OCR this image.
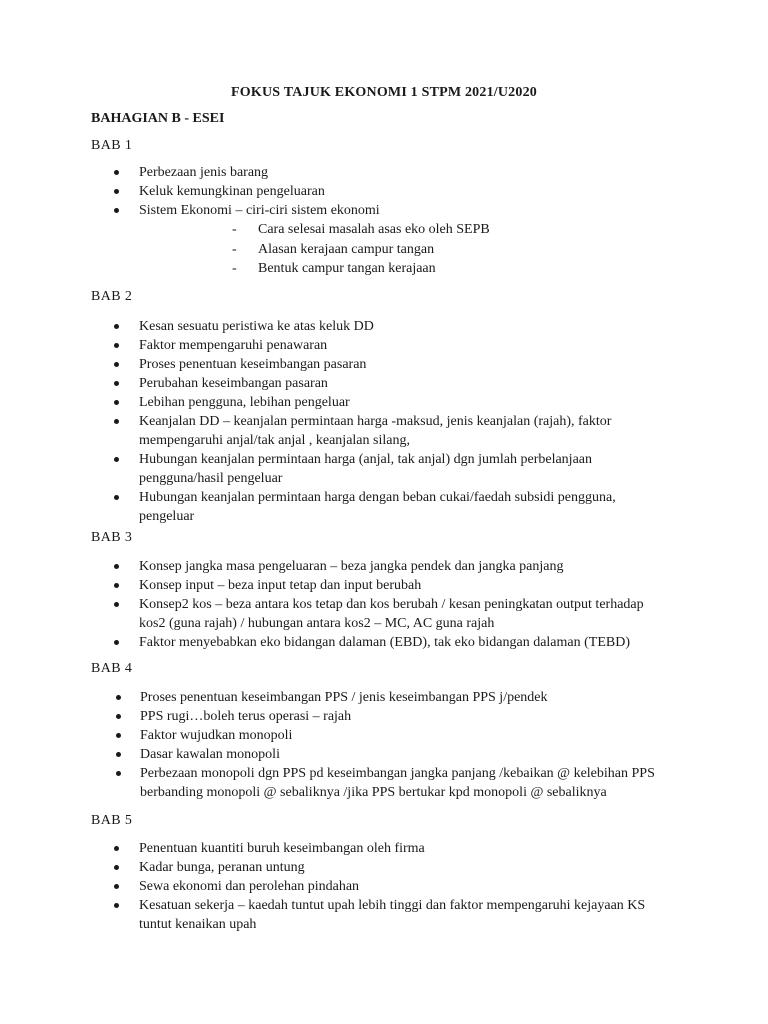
FOKUS TAJUK EKONOMI 1 STPM 2021/U2020
BAHAGIAN B - ESEI
BAB 1
Perbezaan jenis barang
Keluk kemungkinan pengeluaran
Sistem Ekonomi – ciri-ciri sistem ekonomi
- Cara selesai masalah asas eko oleh SEPB
- Alasan kerajaan campur tangan
- Bentuk campur tangan kerajaan
BAB 2
Kesan sesuatu peristiwa ke atas keluk DD
Faktor mempengaruhi penawaran
Proses penentuan keseimbangan pasaran
Perubahan keseimbangan pasaran
Lebihan pengguna, lebihan pengeluar
Keanjalan DD – keanjalan permintaan harga -maksud, jenis keanjalan (rajah), faktor mempengaruhi anjal/tak anjal , keanjalan silang,
Hubungan keanjalan permintaan harga (anjal, tak anjal) dgn jumlah perbelanjaan pengguna/hasil pengeluar
Hubungan keanjalan permintaan harga dengan beban cukai/faedah subsidi pengguna, pengeluar
BAB 3
Konsep jangka masa pengeluaran – beza jangka pendek dan jangka panjang
Konsep input – beza input tetap dan input berubah
Konsep2 kos – beza antara kos tetap dan kos berubah / kesan peningkatan output terhadap kos2 (guna rajah) / hubungan antara kos2 – MC, AC guna rajah
Faktor menyebabkan eko bidangan dalaman (EBD), tak eko bidangan dalaman (TEBD)
BAB 4
Proses penentuan keseimbangan PPS / jenis keseimbangan PPS j/pendek
PPS rugi…boleh terus operasi – rajah
Faktor wujudkan monopoli
Dasar kawalan monopoli
Perbezaan monopoli dgn PPS pd keseimbangan jangka panjang /kebaikan @ kelebihan PPS berbanding monopoli @ sebaliknya /jika PPS bertukar kpd monopoli @ sebaliknya
BAB 5
Penentuan kuantiti buruh keseimbangan oleh firma
Kadar bunga, peranan untung
Sewa ekonomi dan perolehan pindahan
Kesatuan sekerja – kaedah tuntut upah lebih tinggi dan faktor mempengaruhi kejayaan KS tuntut kenaikan upah
